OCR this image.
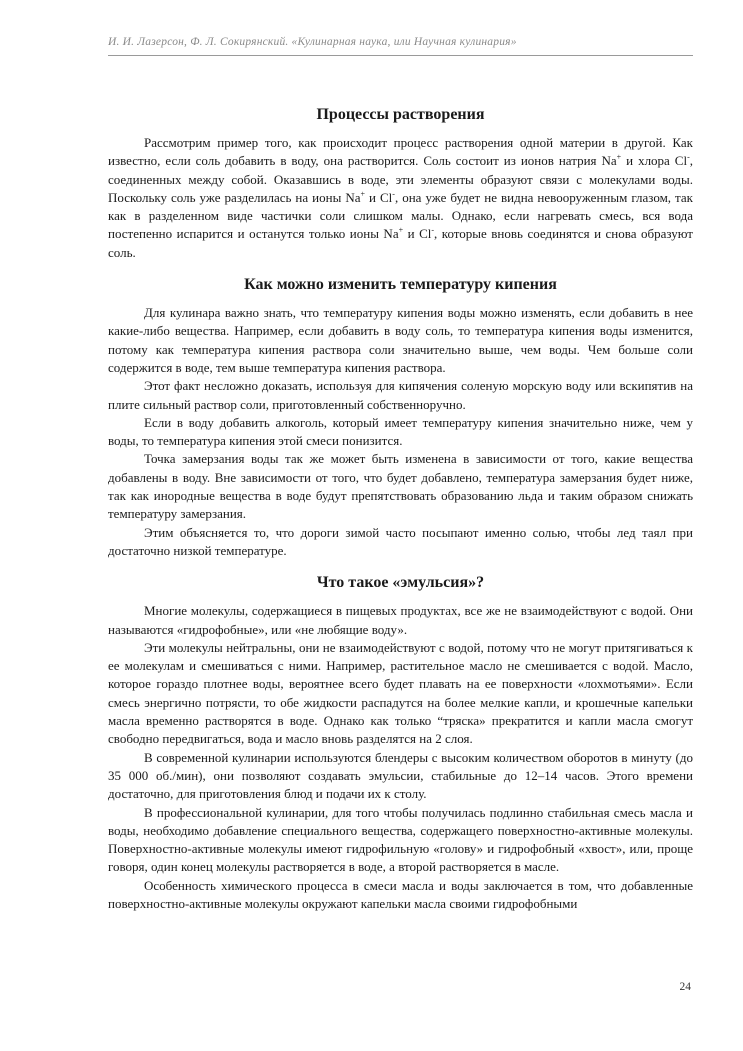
И. И. Лазерсон, Ф. Л. Сокирянский. «Кулинарная наука, или Научная кулинария»
Процессы растворения

Рассмотрим пример того, как происходит процесс растворения одной материи в другой. Как известно, если соль добавить в воду, она растворится. Соль состоит из ионов натрия Na+ и хлора Cl-, соединенных между собой. Оказавшись в воде, эти элементы образуют связи с молекулами воды. Поскольку соль уже разделилась на ионы Na+ и Cl-, она уже будет не видна невооруженным глазом, так как в разделенном виде частички соли слишком малы. Однако, если нагревать смесь, вся вода постепенно испарится и останутся только ионы Na+ и Cl-, которые вновь соединятся и снова образуют соль.

Как можно изменить температуру кипения

Для кулинара важно знать, что температуру кипения воды можно изменять, если добавить в нее какие-либо вещества. Например, если добавить в воду соль, то температура кипения воды изменится, потому как температура кипения раствора соли значительно выше, чем воды. Чем больше соли содержится в воде, тем выше температура кипения раствора.

Этот факт несложно доказать, используя для кипячения соленую морскую воду или вскипятив на плите сильный раствор соли, приготовленный собственноручно.

Если в воду добавить алкоголь, который имеет температуру кипения значительно ниже, чем у воды, то температура кипения этой смеси понизится.

Точка замерзания воды так же может быть изменена в зависимости от того, какие вещества добавлены в воду. Вне зависимости от того, что будет добавлено, температура замерзания будет ниже, так как инородные вещества в воде будут препятствовать образованию льда и таким образом снижать температуру замерзания.

Этим объясняется то, что дороги зимой часто посыпают именно солью, чтобы лед таял при достаточно низкой температуре.

Что такое «эмульсия»?

Многие молекулы, содержащиеся в пищевых продуктах, все же не взаимодействуют с водой. Они называются «гидрофобные», или «не любящие воду».

Эти молекулы нейтральны, они не взаимодействуют с водой, потому что не могут притягиваться к ее молекулам и смешиваться с ними. Например, растительное масло не смешивается с водой. Масло, которое гораздо плотнее воды, вероятнее всего будет плавать на ее поверхности «лохмотьями». Если смесь энергично потрясти, то обе жидкости распадутся на более мелкие капли, и крошечные капельки масла временно растворятся в воде. Однако как только “тряска» прекратится и капли масла смогут свободно передвигаться, вода и масло вновь разделятся на 2 слоя.

В современной кулинарии используются блендеры с высоким количеством оборотов в минуту (до 35 000 об./мин), они позволяют создавать эмульсии, стабильные до 12–14 часов. Этого времени достаточно, для приготовления блюд и подачи их к столу.

В профессиональной кулинарии, для того чтобы получилась подлинно стабильная смесь масла и воды, необходимо добавление специального вещества, содержащего поверхностно-активные молекулы. Поверхностно-активные молекулы имеют гидрофильную «голову» и гидрофобный «хвост», или, проще говоря, один конец молекулы растворяется в воде, а второй растворяется в масле.

Особенность химического процесса в смеси масла и воды заключается в том, что добавленные поверхностно-активные молекулы окружают капельки масла своими гидрофобными

24
